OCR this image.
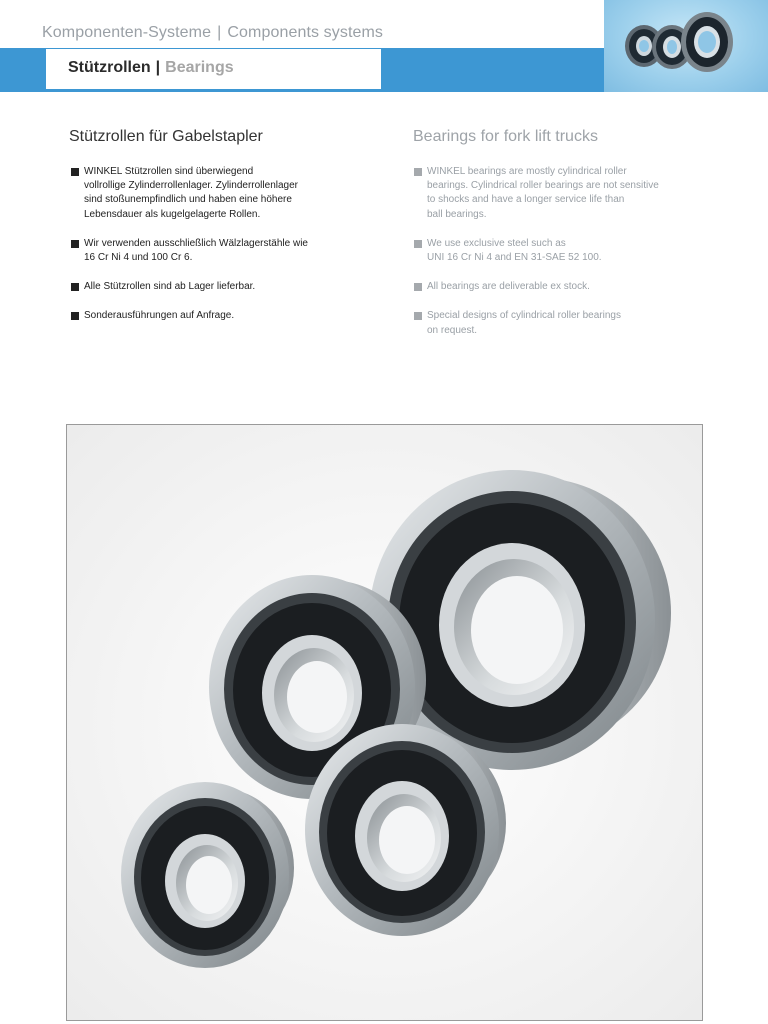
Komponenten-Systeme | Components systems
Stützrollen | Bearings
Stützrollen für Gabelstapler	Bearings for fork lift trucks
WINKEL Stützrollen sind überwiegend
vollrollige Zylinderrollenlager. Zylinderrollenlager
sind stoßunempfindlich und haben eine höhere
Lebensdauer als kugelgelagerte Rollen.
Wir verwenden ausschließlich Wälzlagerstähle wie
16 Cr Ni 4 und 100 Cr 6.
Alle Stützrollen sind ab Lager lieferbar.
Sonderausführungen auf Anfrage.
WINKEL bearings are mostly cylindrical roller
bearings. Cylindrical roller bearings are not sensitive
to shocks and have a longer service life than
ball bearings.
We use exclusive steel such as
UNI 16 Cr Ni 4 and EN 31-SAE 52 100.
All bearings are deliverable ex stock.
Special designs of cylindrical roller bearings
on request.
